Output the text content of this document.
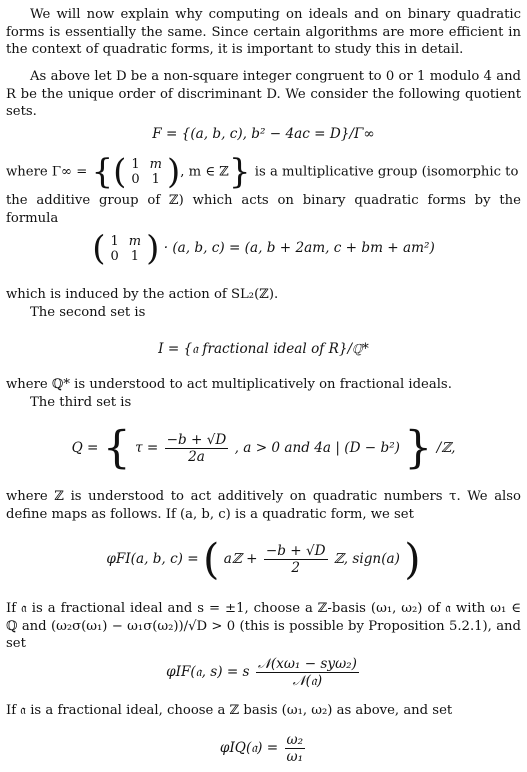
We will now explain why computing on ideals and on binary quadratic forms is essentially the same. Since certain algorithms are more efficient in the context of quadratic forms, it is important to study this in detail.
As above let D be a non-square integer congruent to 0 or 1 modulo 4 and R be the unique order of discriminant D. We consider the following quotient sets.
F = {(a, b, c), b² − 4ac = D}/Γ∞
where Γ∞ = {( 1	m
0	1 ), m ∈ ℤ} is a multiplicative group (isomorphic to
the additive group of ℤ) which acts on binary quadratic forms by the formula
( 1	m
0	1 ) · (a, b, c) = (a, b + 2am, c + bm + am²)
which is induced by the action of SL₂(ℤ).
The second set is
I = {𝔞 fractional ideal of R}/ℚ*
where ℚ* is understood to act multiplicatively on fractional ideals.
The third set is
Q = { $\tau = \frac{-b + √D}{2a}$ , a > 0 and 4a | (D − b²) } /ℤ,
where ℤ is understood to act additively on quadratic numbers τ. We also define maps as follows. If (a, b, c) is a quadratic form, we set
φFI(a, b, c) = ( aℤ + $\frac{-b + √D}{2}$ ℤ, sign(a) )
If 𝔞 is a fractional ideal and s = ±1, choose a ℤ-basis (ω₁, ω₂) of 𝔞 with ω₁ ∈ ℚ and (ω₂σ(ω₁) − ω₁σ(ω₂))/√D > 0 (this is possible by Proposition 5.2.1), and set
φIF(𝔞, s) = s $\frac{\text{𝒩(xω₁ − syω₂)}}{\text{𝒩(𝔞)}}$
If 𝔞 is a fractional ideal, choose a ℤ basis (ω₁, ω₂) as above, and set
φIQ(𝔞) = $\frac{\text{ω₂}}{\text{ω₁}}$
